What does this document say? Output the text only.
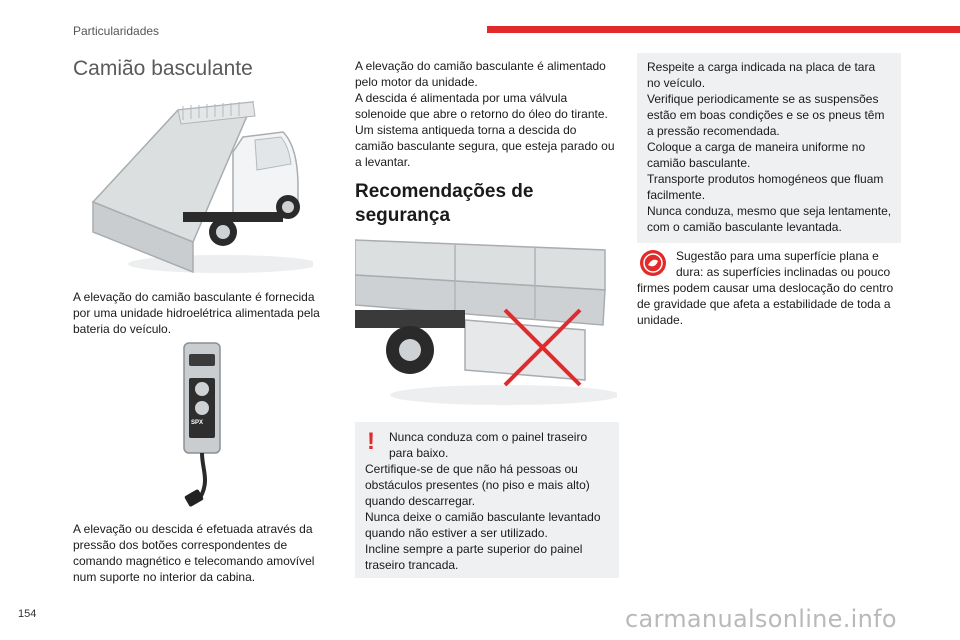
Particularidades
Camião basculante
A elevação do camião basculante é fornecida por uma unidade hidroelétrica alimentada pela bateria do veículo.
SPX
A elevação ou descida é efetuada através da pressão dos botões correspondentes de comando magnético e telecomando amovível num suporte no interior da cabina.
A elevação do camião basculante é alimentado
pelo motor da unidade.
A descida é alimentada por uma válvula
solenoide que abre o retorno do óleo do tirante.
Um sistema antiqueda torna a descida do
camião basculante segura, que esteja parado ou
a levantar.
Recomendações de
segurança
! Nunca conduza com o painel traseiro
para baixo.
Certifique-se de que não há pessoas ou
obstáculos presentes (no piso e mais alto)
quando descarregar.
Nunca deixe o camião basculante levantado
quando não estiver a ser utilizado.
Incline sempre a parte superior do painel
traseiro trancada.
Respeite a carga indicada na placa de tara
no veículo.
Verifique periodicamente se as suspensões
estão em boas condições e se os pneus têm
a pressão recomendada.
Coloque a carga de maneira uniforme no
camião basculante.
Transporte produtos homogéneos que fluam
facilmente.
Nunca conduza, mesmo que seja lentamente,
com o camião basculante levantada.
Sugestão para uma superfície plana e
dura: as superfícies inclinadas ou pouco
firmes podem causar uma deslocação do centro
de gravidade que afeta a estabilidade de toda a
unidade.
154	carmanualsonline.info
